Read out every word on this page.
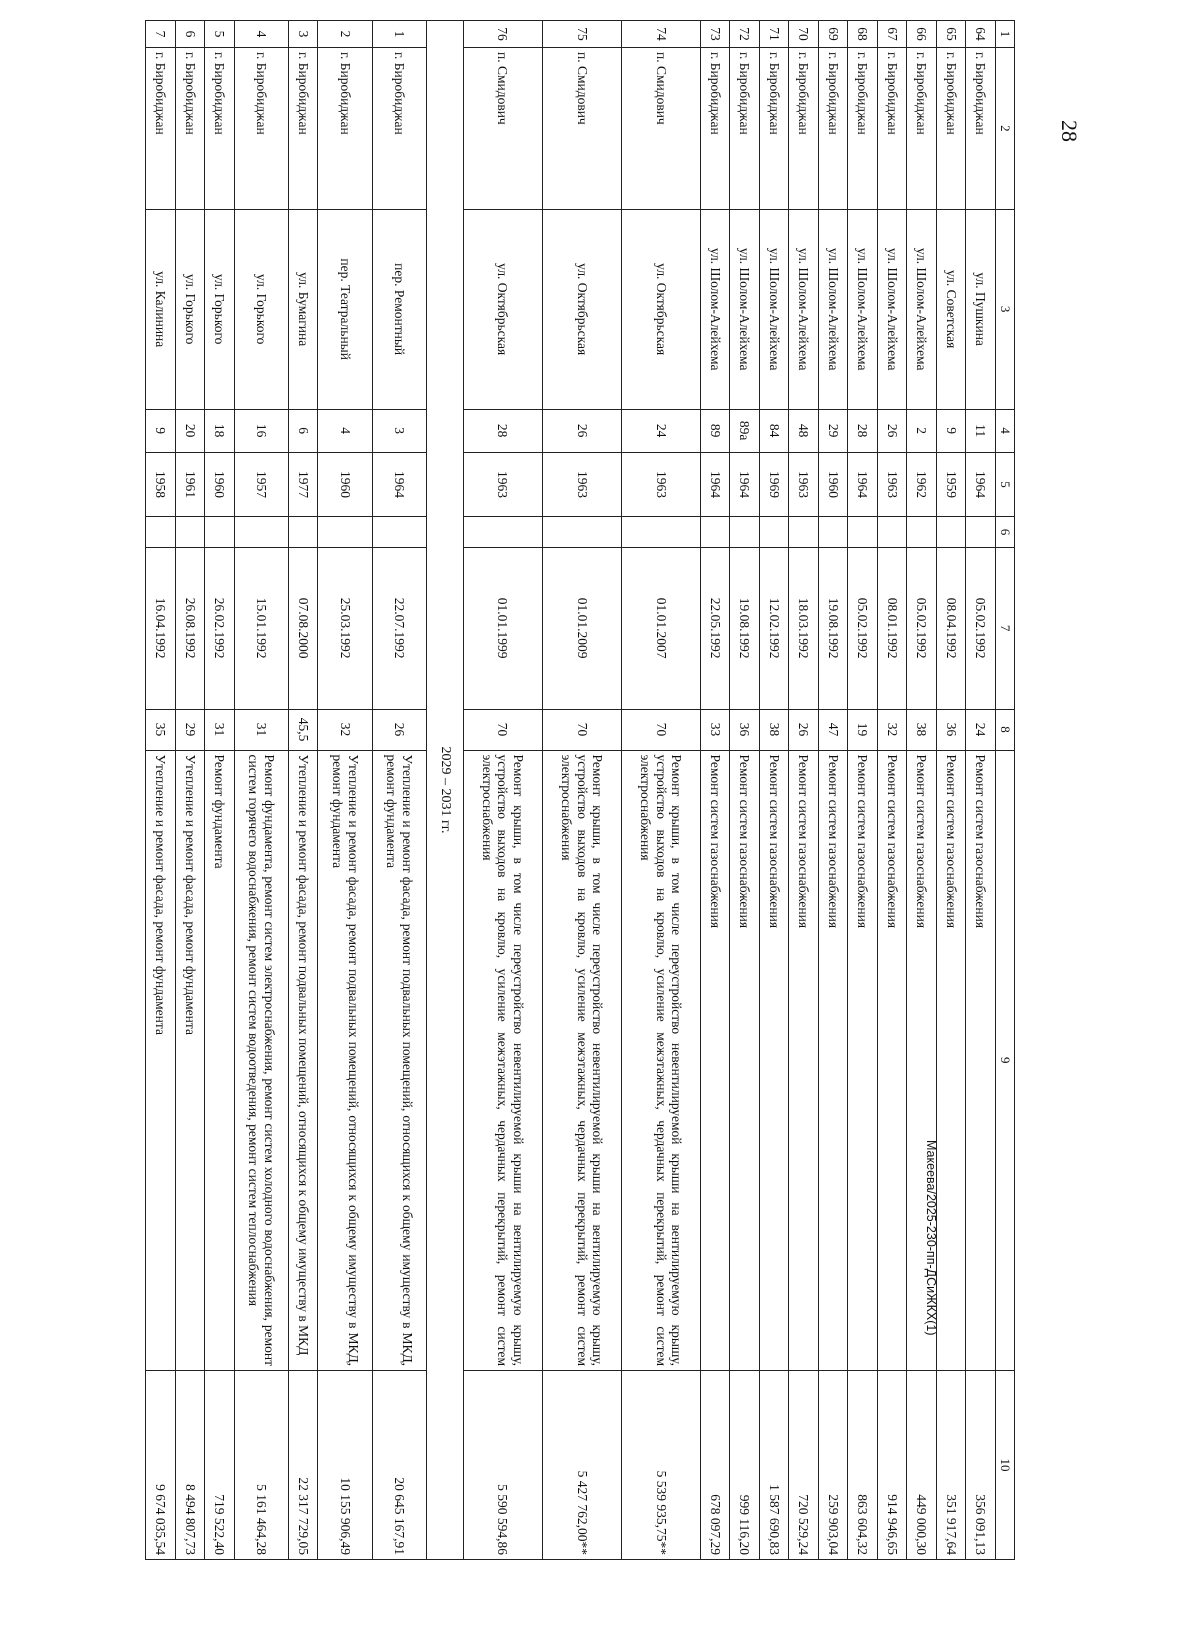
28
1	2	3	4	5	6	7	8	9	10
64	г. Биробиджан	ул. Пушкина	11	1964		05.02.1992	24	Ремонт систем газоснабжения	356 091,13
65	г. Биробиджан	ул. Советская	9	1959		08.04.1992	36	Ремонт систем газоснабжения	351 917,64
66	г. Биробиджан	ул. Шолом-Алейхема	2	1962		05.02.1992	38	Ремонт систем газоснабжения	449 000,30
67	г. Биробиджан	ул. Шолом-Алейхема	26	1963		08.01.1992	32	Ремонт систем газоснабжения	914 946,65
68	г. Биробиджан	ул. Шолом-Алейхема	28	1964		05.02.1992	19	Ремонт систем газоснабжения	863 604,32
69	г. Биробиджан	ул. Шолом-Алейхема	29	1960		19.08.1992	47	Ремонт систем газоснабжения	259 903,04
70	г. Биробиджан	ул. Шолом-Алейхема	48	1963		18.03.1992	26	Ремонт систем газоснабжения	720 529,24
71	г. Биробиджан	ул. Шолом-Алейхема	84	1969		12.02.1992	38	Ремонт систем газоснабжения	1 587 690,83
72	г. Биробиджан	ул. Шолом-Алейхема	89а	1964		19.08.1992	36	Ремонт систем газоснабжения	999 116,20
73	г. Биробиджан	ул. Шолом-Алейхема	89	1964		22.05.1992	33	Ремонт систем газоснабжения	678 097,29
74	п. Смидович	ул. Октябрьская	24	1963		01.01.2007	70	Ремонт крыши, в том числе переустройство невентилируемой крыши на вентилируемую крышу, устройство выходов на кровлю, усиление межэтажных, чердачных перекрытий, ремонт систем электроснабжения	5 539 935,75**
75	п. Смидович	ул. Октябрьская	26	1963		01.01.2009	70	Ремонт крыши, в том числе переустройство невентилируемой крыши на вентилируемую крышу, устройство выходов на кровлю, усиление межэтажных, чердачных перекрытий, ремонт систем электроснабжения	5 427 762,00**
76	п. Смидович	ул. Октябрьская	28	1963		01.01.1999	70	Ремонт крыши, в том числе переустройство невентилируемой крыши на вентилируемую крышу, устройство выходов на кровлю, усиление межэтажных, чердачных перекрытий, ремонт систем электроснабжения	5 590 594,86
2029 – 2031 гг.									
1	г. Биробиджан	пер. Ремонтный	3	1964		22.07.1992	26	Утепление и ремонт фасада, ремонт подвальных помещений, относящихся к общему имуществу в МКД, ремонт фундамента	20 645 167,91
2	г. Биробиджан	пер. Театральный	4	1960		25.03.1992	32	Утепление и ремонт фасада, ремонт подвальных помещений, относящихся к общему имуществу в МКД, ремонт фундамента	10 155 906,49
3	г. Биробиджан	ул. Бумагина	6	1977		07.08.2000	45,5	Утепление и ремонт фасада, ремонт подвальных помещений, относящихся к общему имуществу в МКД	22 317 729,05
4	г. Биробиджан	ул. Горького	16	1957		15.01.1992	31	Ремонт фундамента, ремонт систем электроснабжения, ремонт систем холодного водоснабжения, ремонт систем горячего водоснабжения, ремонт систем водоотведения, ремонт систем теплоснабжения	5 161 464,28
5	г. Биробиджан	ул. Горького	18	1960		26.02.1992	31	Ремонт фундамента	719 522,40
6	г. Биробиджан	ул. Горького	20	1961		26.08.1992	29	Утепление и ремонт фасада, ремонт фундамента	8 494 807,73
7	г. Биробиджан	ул. Калинина	9	1958		16.04.1992	35	Утепление и ремонт фасада, ремонт фундамента	9 674 035,54
Макеева/2025-230-пп-ДСиЖКХ(1)
